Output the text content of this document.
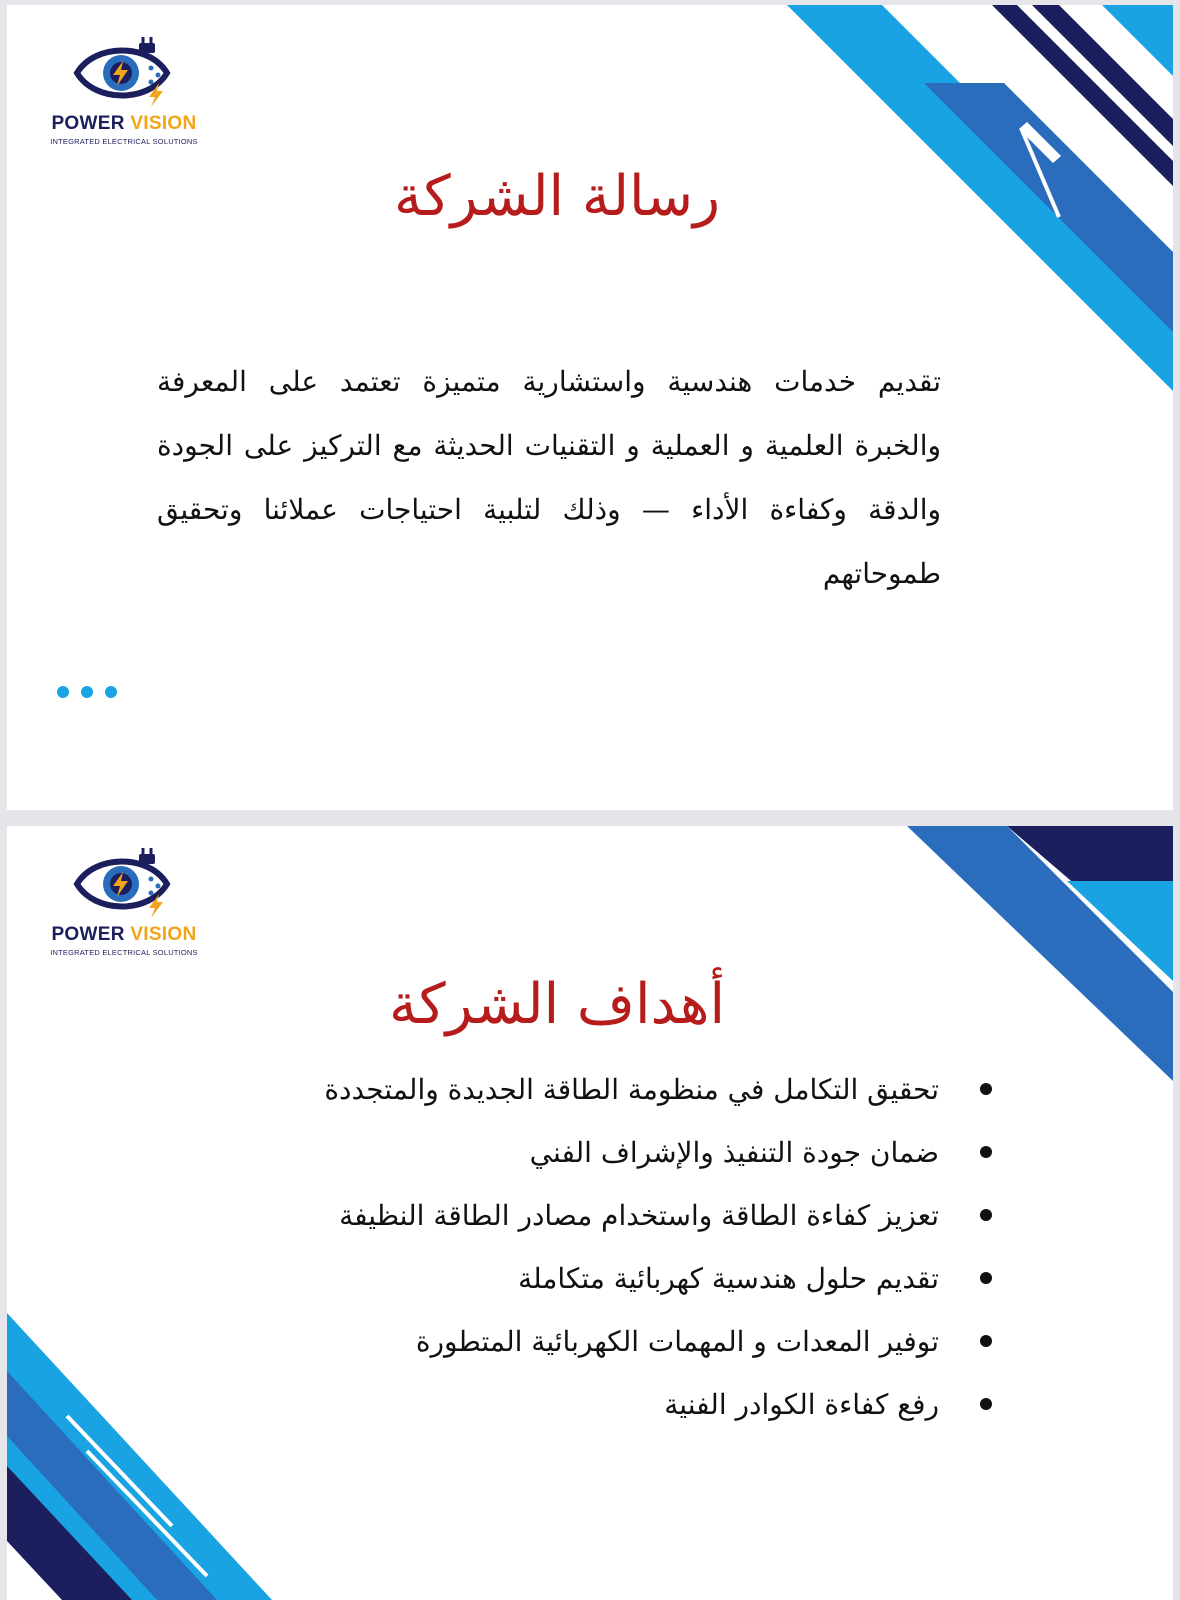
POWER VISION
INTEGRATED ELECTRICAL SOLUTIONS
رسالة الشركة

تقديم خدمات هندسية واستشارية متميزة تعتمد على المعرفة والخبرة العلمية و العملية و التقنيات الحديثة مع التركيز على الجودة والدقة وكفاءة الأداء — وذلك لتلبية احتياجات عملائنا وتحقيق طموحاتهم

POWER VISION
INTEGRATED ELECTRICAL SOLUTIONS
أهداف الشركة
تحقيق التكامل في منظومة الطاقة الجديدة والمتجددة
ضمان جودة التنفيذ والإشراف الفني
تعزيز كفاءة الطاقة واستخدام مصادر الطاقة النظيفة
تقديم حلول هندسية كهربائية متكاملة
توفير المعدات و المهمات الكهربائية المتطورة
رفع كفاءة الكوادر الفنية
